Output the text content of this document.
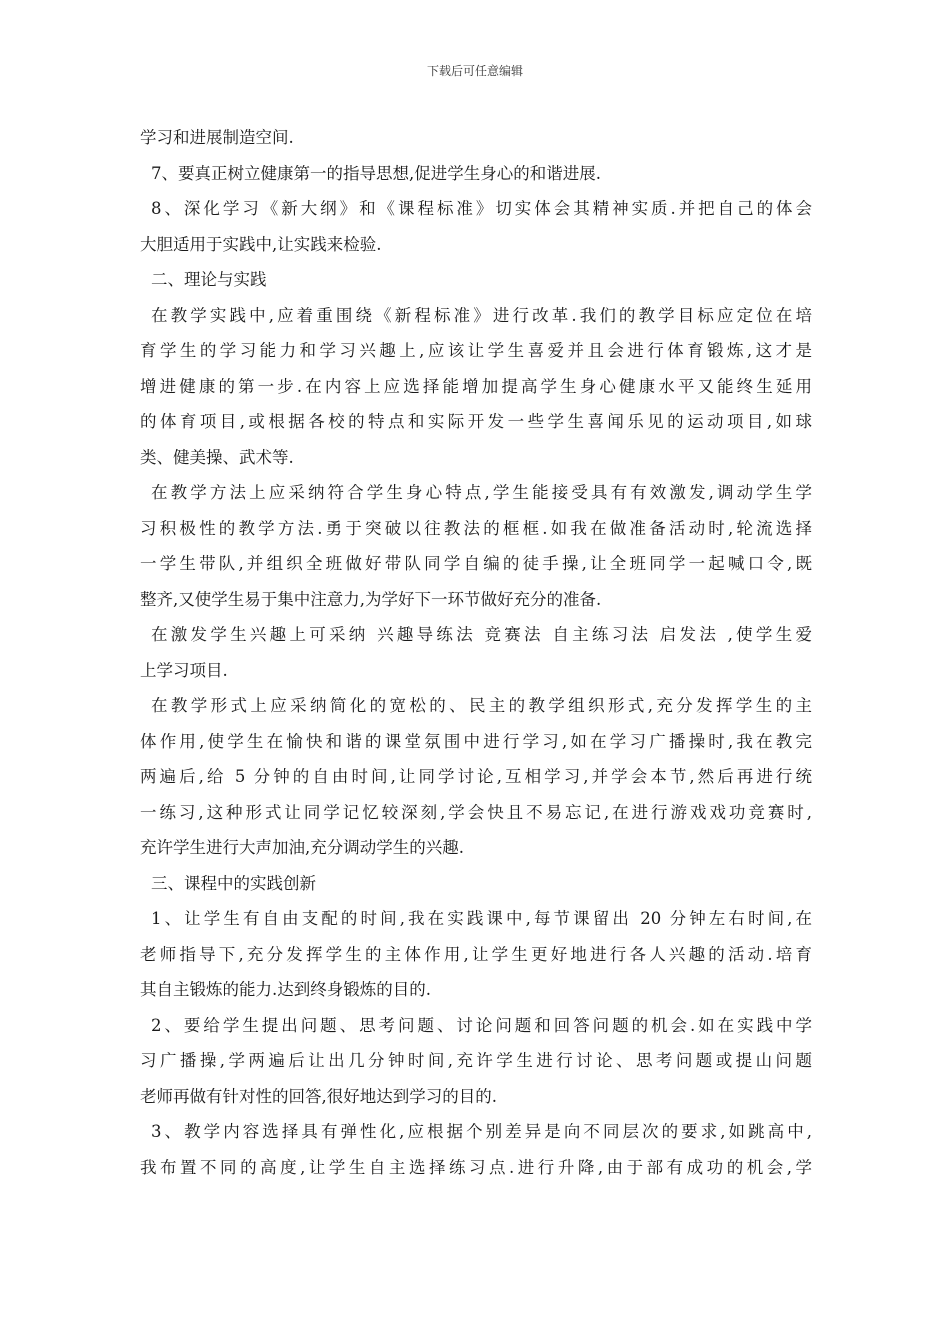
下载后可任意编辑
学习和进展制造空间.
7、要真正树立健康第一的指导思想,促进学生身心的和谐进展.
8、深化学习《新大纲》和《课程标准》切实体会其精神实质.并把自己的体会
大胆适用于实践中,让实践来检验.
二、理论与实践
在教学实践中,应着重围绕《新程标准》进行改革.我们的教学目标应定位在培
育学生的学习能力和学习兴趣上,应该让学生喜爱并且会进行体育锻炼,这才是
增进健康的第一步.在内容上应选择能增加提高学生身心健康水平又能终生延用
的体育项目,或根据各校的特点和实际开发一些学生喜闻乐见的运动项目,如球
类、健美操、武术等.
在教学方法上应采纳符合学生身心特点,学生能接受具有有效激发,调动学生学
习积极性的教学方法.勇于突破以往教法的框框.如我在做准备活动时,轮流选择
一学生带队,并组织全班做好带队同学自编的徒手操,让全班同学一起喊口令,既
整齐,又使学生易于集中注意力,为学好下一环节做好充分的准备.
在激发学生兴趣上可采纳 兴趣导练法 竞赛法 自主练习法 启发法 ,使学生爱
上学习项目.
在教学形式上应采纳简化的宽松的、民主的教学组织形式,充分发挥学生的主
体作用,使学生在愉快和谐的课堂氛围中进行学习,如在学习广播操时,我在教完
两遍后,给 5 分钟的自由时间,让同学讨论,互相学习,并学会本节,然后再进行统
一练习,这种形式让同学记忆较深刻,学会快且不易忘记,在进行游戏戏功竞赛时,
充许学生进行大声加油,充分调动学生的兴趣.
三、课程中的实践创新
1、让学生有自由支配的时间,我在实践课中,每节课留出 20 分钟左右时间,在
老师指导下,充分发挥学生的主体作用,让学生更好地进行各人兴趣的活动.培育
其自主锻炼的能力.达到终身锻炼的目的.
2、要给学生提出问题、思考问题、讨论问题和回答问题的机会.如在实践中学
习广播操,学两遍后让出几分钟时间,充许学生进行讨论、思考问题或提山问题
老师再做有针对性的回答,很好地达到学习的目的.
3、教学内容选择具有弹性化,应根据个别差异是向不同层次的要求,如跳高中,
我布置不同的高度,让学生自主选择练习点.进行升降,由于部有成功的机会,学
